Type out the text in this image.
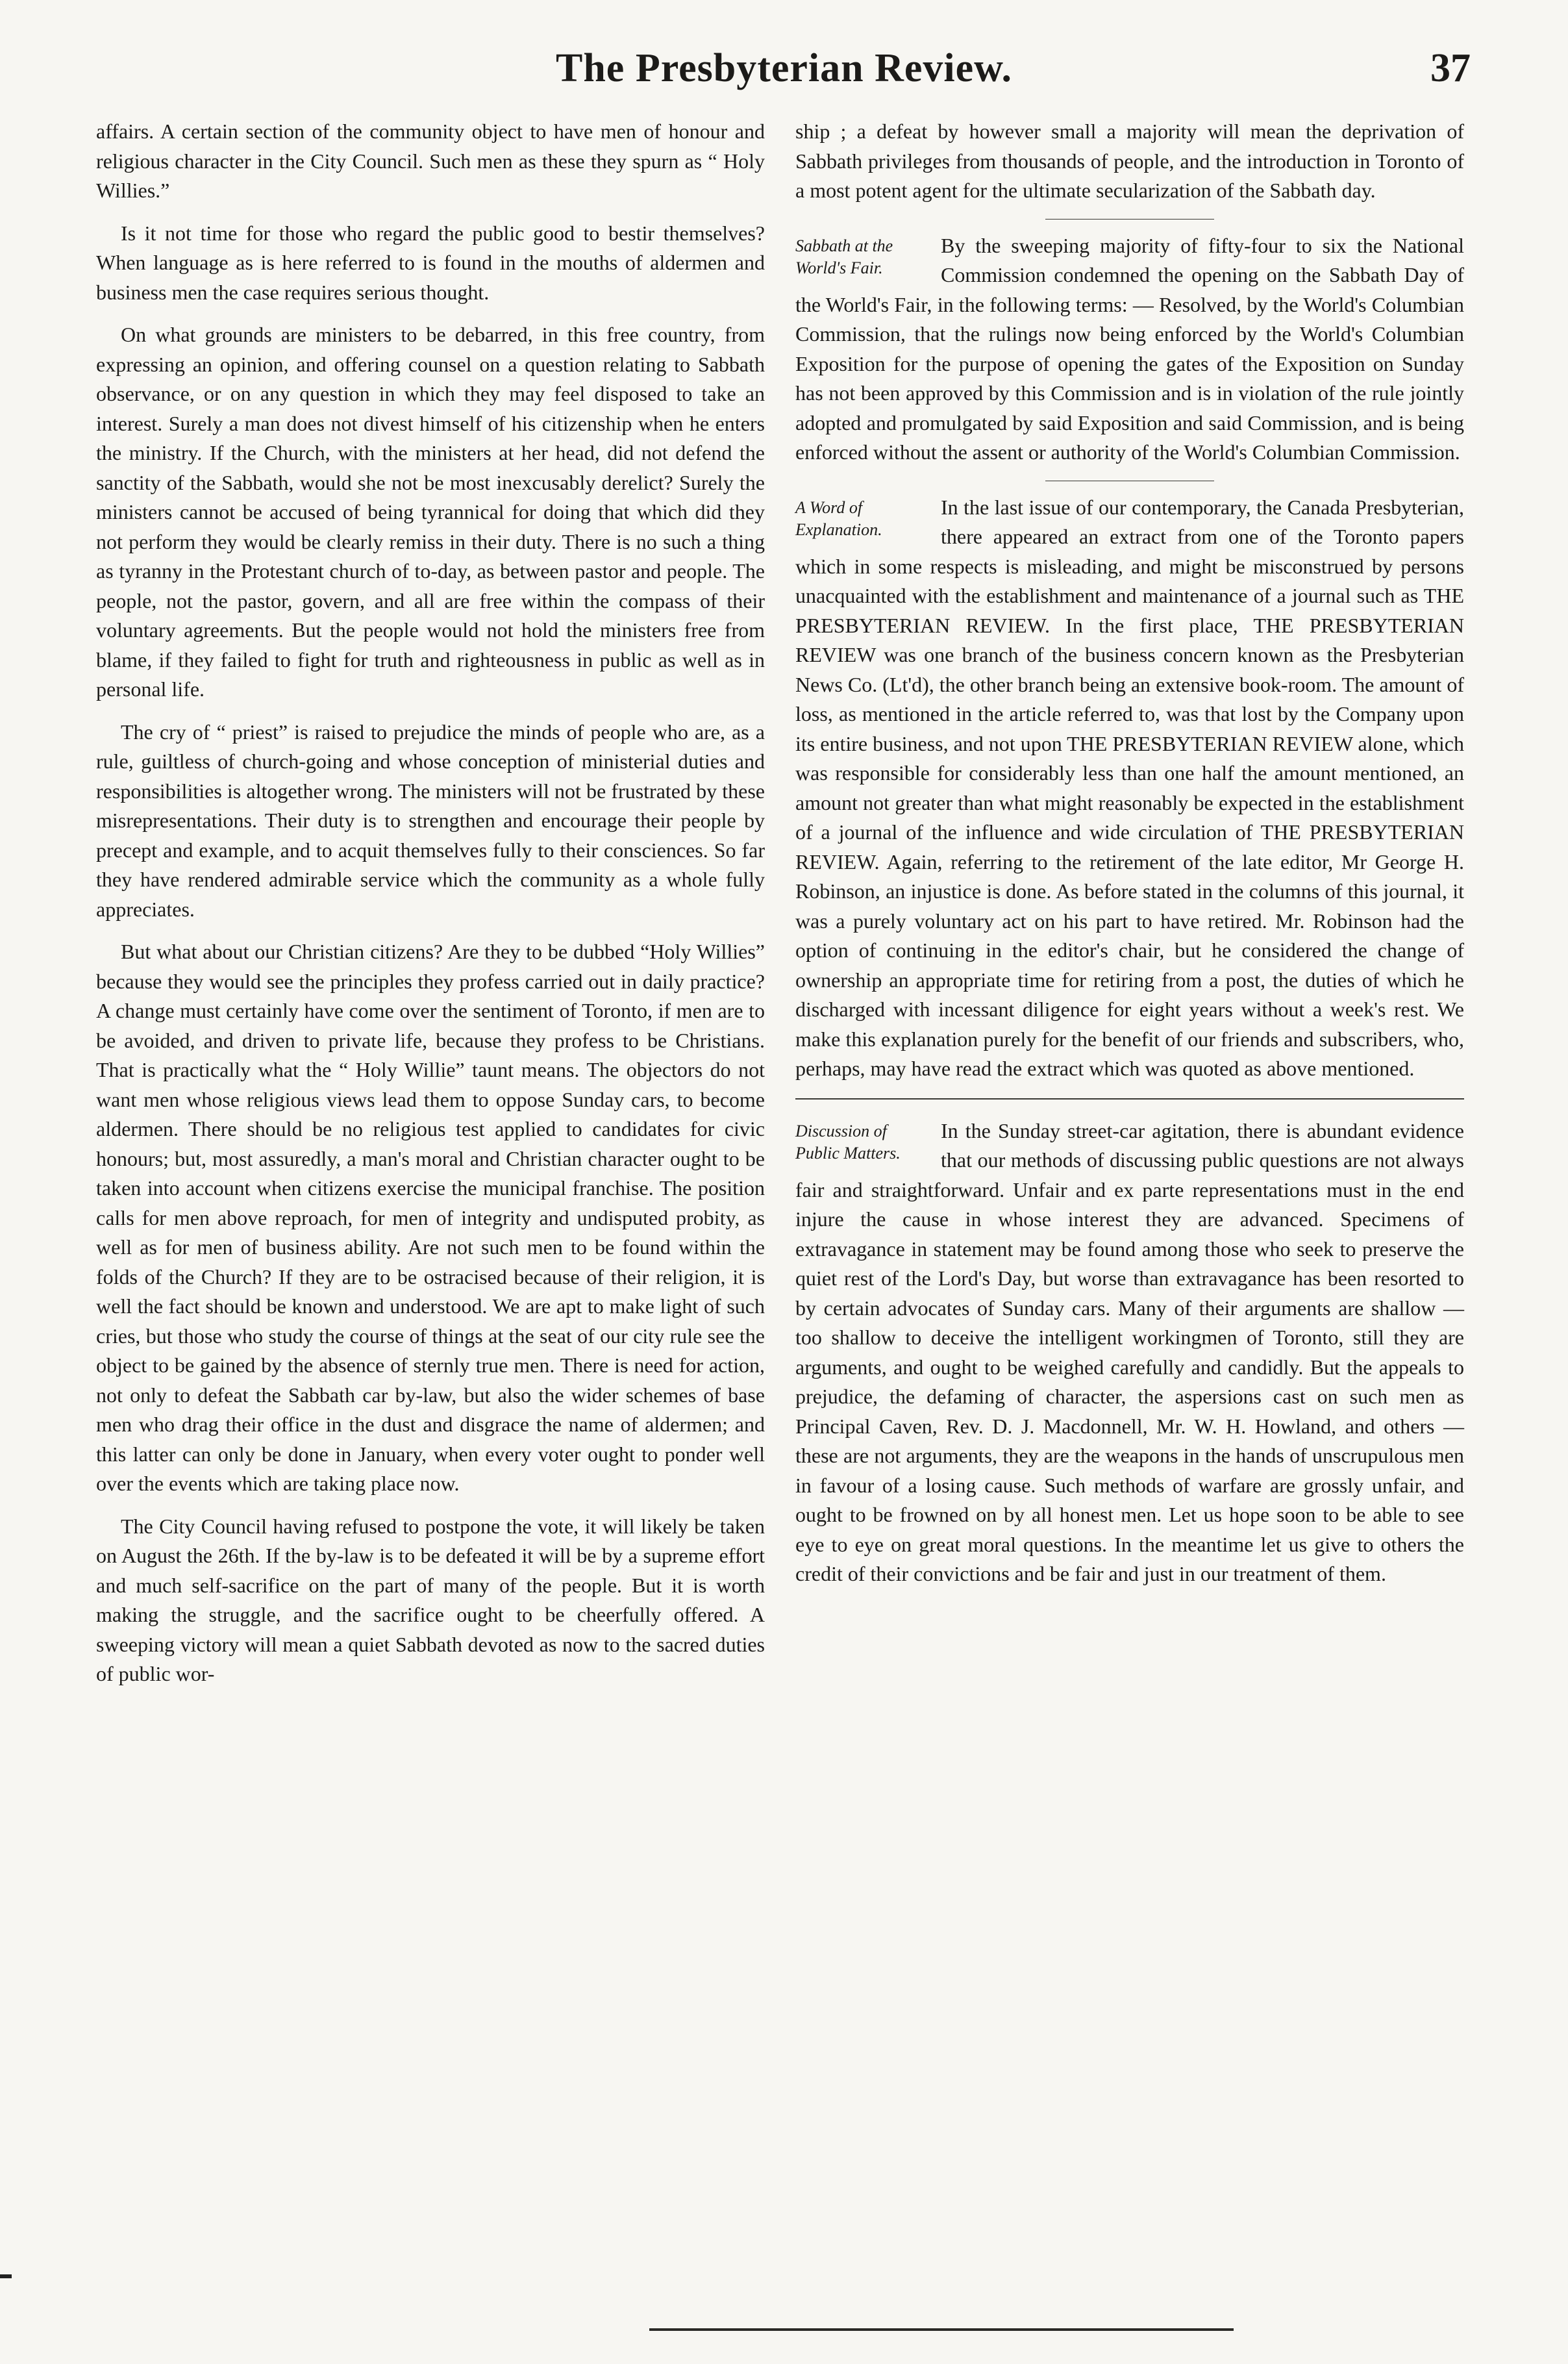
The Presbyterian Review.	37

affairs. A certain section of the community object to have men of honour and religious character in the City Council. Such men as these they spurn as “ Holy Willies.”

Is it not time for those who regard the public good to bestir themselves? When language as is here referred to is found in the mouths of aldermen and business men the case requires serious thought.

On what grounds are ministers to be debarred, in this free country, from expressing an opinion, and offering counsel on a question relating to Sabbath observance, or on any question in which they may feel disposed to take an interest. Surely a man does not divest himself of his citizenship when he enters the ministry. If the Church, with the ministers at her head, did not defend the sanctity of the Sabbath, would she not be most inexcusably derelict? Surely the ministers cannot be accused of being tyrannical for doing that which did they not perform they would be clearly remiss in their duty. There is no such a thing as tyranny in the Protestant church of to-day, as between pastor and people. The people, not the pastor, govern, and all are free within the compass of their voluntary agreements. But the people would not hold the ministers free from blame, if they failed to fight for truth and righteousness in public as well as in personal life.

The cry of “ priest” is raised to prejudice the minds of people who are, as a rule, guiltless of church-going and whose conception of ministerial duties and responsibilities is altogether wrong. The ministers will not be frustrated by these misrepresentations. Their duty is to strengthen and encourage their people by precept and example, and to acquit themselves fully to their consciences. So far they have rendered admirable service which the community as a whole fully appreciates.

But what about our Christian citizens? Are they to be dubbed “Holy Willies” because they would see the principles they profess carried out in daily practice? A change must certainly have come over the sentiment of Toronto, if men are to be avoided, and driven to private life, because they profess to be Christians. That is practically what the “ Holy Willie” taunt means. The objectors do not want men whose religious views lead them to oppose Sunday cars, to become aldermen. There should be no religious test applied to candidates for civic honours; but, most assuredly, a man's moral and Christian character ought to be taken into account when citizens exercise the municipal franchise. The position calls for men above reproach, for men of integrity and undisputed probity, as well as for men of business ability. Are not such men to be found within the folds of the Church? If they are to be ostracised because of their religion, it is well the fact should be known and understood. We are apt to make light of such cries, but those who study the course of things at the seat of our city rule see the object to be gained by the absence of sternly true men. There is need for action, not only to defeat the Sabbath car by-law, but also the wider schemes of base men who drag their office in the dust and disgrace the name of aldermen; and this latter can only be done in January, when every voter ought to ponder well over the events which are taking place now.

The City Council having refused to postpone the vote, it will likely be taken on August the 26th. If the by-law is to be defeated it will be by a supreme effort and much self-sacrifice on the part of many of the people. But it is worth making the struggle, and the sacrifice ought to be cheerfully offered. A sweeping victory will mean a quiet Sabbath devoted as now to the sacred duties of public wor-

ship ; a defeat by however small a majority will mean the deprivation of Sabbath privileges from thousands of people, and the introduction in Toronto of a most potent agent for the ultimate secularization of the Sabbath day.

Sabbath at the World's Fair.

By the sweeping majority of fifty-four to six the National Commission condemned the opening on the Sabbath Day of the World's Fair, in the following terms: — Resolved, by the World's Columbian Commission, that the rulings now being enforced by the World's Columbian Exposition for the purpose of opening the gates of the Exposition on Sunday has not been approved by this Commission and is in violation of the rule jointly adopted and promulgated by said Exposition and said Commission, and is being enforced without the assent or authority of the World's Columbian Commission.

A Word of Explanation.

In the last issue of our contemporary, the Canada Presbyterian, there appeared an extract from one of the Toronto papers which in some respects is misleading, and might be misconstrued by persons unacquainted with the establishment and maintenance of a journal such as THE PRESBYTERIAN REVIEW. In the first place, THE PRESBYTERIAN REVIEW was one branch of the business concern known as the Presbyterian News Co. (Lt'd), the other branch being an extensive book-room. The amount of loss, as mentioned in the article referred to, was that lost by the Company upon its entire business, and not upon THE PRESBYTERIAN REVIEW alone, which was responsible for considerably less than one half the amount mentioned, an amount not greater than what might reasonably be expected in the establishment of a journal of the influence and wide circulation of THE PRESBYTERIAN REVIEW. Again, referring to the retirement of the late editor, Mr George H. Robinson, an injustice is done. As before stated in the columns of this journal, it was a purely voluntary act on his part to have retired. Mr. Robinson had the option of continuing in the editor's chair, but he considered the change of ownership an appropriate time for retiring from a post, the duties of which he discharged with incessant diligence for eight years without a week's rest. We make this explanation purely for the benefit of our friends and subscribers, who, perhaps, may have read the extract which was quoted as above mentioned.

Discussion of Public Matters.

In the Sunday street-car agitation, there is abundant evidence that our methods of discussing public questions are not always fair and straightforward. Unfair and ex parte representations must in the end injure the cause in whose interest they are advanced. Specimens of extravagance in statement may be found among those who seek to preserve the quiet rest of the Lord's Day, but worse than extravagance has been resorted to by certain advocates of Sunday cars. Many of their arguments are shallow — too shallow to deceive the intelligent workingmen of Toronto, still they are arguments, and ought to be weighed carefully and candidly. But the appeals to prejudice, the defaming of character, the aspersions cast on such men as Principal Caven, Rev. D. J. Macdonnell, Mr. W. H. Howland, and others — these are not arguments, they are the weapons in the hands of unscrupulous men in favour of a losing cause. Such methods of warfare are grossly unfair, and ought to be frowned on by all honest men. Let us hope soon to be able to see eye to eye on great moral questions. In the meantime let us give to others the credit of their convictions and be fair and just in our treatment of them.
